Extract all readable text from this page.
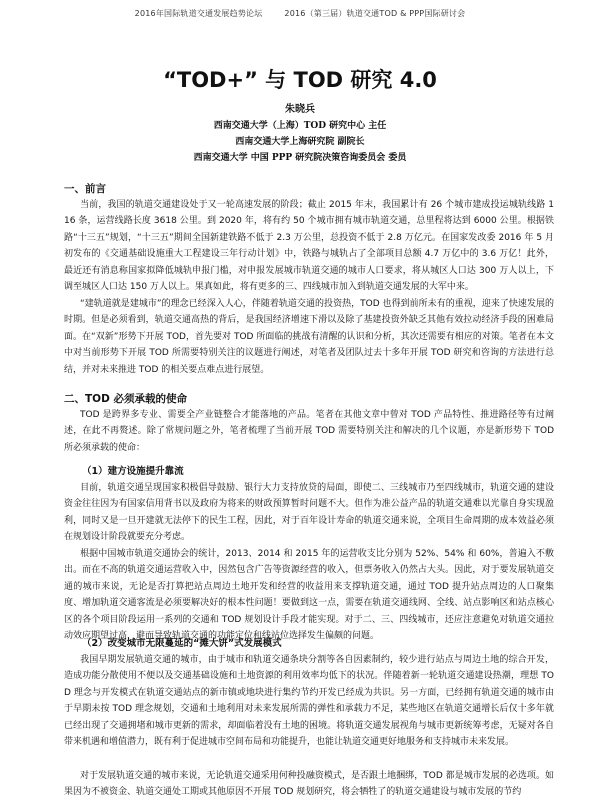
2016年国际轨道交通发展趋势论坛	2016（第三届）轨道交通TOD & PPP国际研讨会
“TOD+” 与 TOD 研究 4.0
朱晓兵
西南交通大学（上海）TOD 研究中心 主任
西南交通大学上海研究院 副院长
西南交通大学 中国 PPP 研究院决策咨询委员会 委员
一、前言
当前，我国的轨道交通建设处于又一轮高速发展的阶段；截止 2015 年末，我国累计有 26 个城市建成投运城轨线路 116 条，运营线路长度 3618 公里。到 2020 年，将有约 50 个城市拥有城市轨道交通，总里程将达到 6000 公里。根据铁路“十三五”规划，“十三五”期间全国新建铁路不低于 2.3 万公里，总投资不低于 2.8 万亿元。在国家发改委 2016 年 5 月初发布的《交通基础设施重大工程建设三年行动计划》中，铁路与城轨占了全部项目总额 4.7 万亿中的 3.6 万亿！此外，最近还有消息称国家拟降低城轨申报门槛，对申报发展城市轨道交通的城市人口要求，将从城区人口达 300 万人以上，下调至城区人口达 150 万人以上。果真如此，将有更多的三、四线城市加入到轨道交通发展的大军中来。
“建轨道就是建城市”的理念已经深入人心，伴随着轨道交通的投资热，TOD 也得到前所未有的重视，迎来了快速发展的时期。但是必须看到，轨道交通高热的背后，是我国经济增速下滑以及除了基建投资外缺乏其他有效拉动经济手段的困难局面。在“双新”形势下开展 TOD，首先要对 TOD 所面临的挑战有清醒的认识和分析，其次还需要有相应的对策。笔者在本文中对当前形势下开展 TOD 所需要特别关注的议题进行阐述，对笔者及团队过去十多年开展 TOD 研究和咨询的方法进行总结，并对未来推进 TOD 的相关要点难点进行展望。
二、TOD 必须承载的使命
TOD 是跨界多专业、需要全产业链整合才能落地的产品。笔者在其他文章中曾对 TOD 产品特性、推进路径等有过阐述，在此不再赘述。除了常规问题之外，笔者梳理了当前开展 TOD 需要特别关注和解决的几个议题，亦是新形势下 TOD 所必须承载的使命：
（1）建方设施提升靠流
目前，轨道交通呈现国家积极倡导鼓励、银行大力支持放贷的局面，即使二、三线城市乃至四线城市，轨道交通的建设资金往往因为有国家信用背书以及政府为将来的财政预算暂时问题不大。但作为准公益产品的轨道交通难以光靠自身实现盈利，同时又是一旦开建就无法停下的民生工程，因此，对于百年设计寿命的轨道交通来说，全项目生命周期的成本效益必须在规划设计阶段就要充分考虑。
根据中国城市轨道交通协会的统计，2013、2014 和 2015 年的运营收支比分别为 52%、54% 和 60%，普遍入不敷出。而在不高的轨道交通运营收入中，因然包含广告等资源经营的收入，但票务收入仍然占大头。因此，对于要发展轨道交通的城市来说，无论是否打算把站点周边土地开发和经营的收益用来支撑轨道交通，通过 TOD 提升站点周边的人口聚集度、增加轨道交通客流是必须要解决好的根本性问题！要做到这一点，需要在轨道交通线网、全线、站点影响区和站点核心区的各个项目阶段运用一系列的交通和 TOD 规划设计手段才能实现。对于二、三、四线城市，还应注意避免对轨道交通拉动效应期望过高，避而导致轨道交通的功能定位和线站位选择发生偏颇的问题。
（2）改变城市无限蔓延的“摊大饼”式发展模式
我国早期发展轨道交通的城市，由于城市和轨道交通条块分割等各自因素制约，较少进行站点与周边土地的综合开发，造成功能分散使用不便以及交通基础设施和土地资源的利用效率均低下的状况。伴随着新一轮轨道交通建设热潮，理想 TOD 理念与开发模式在轨道交通站点的新市镇或地块进行集约节约开发已经成为共识。另一方面，已经拥有轨道交通的城市由于早期未按 TOD 理念规划，交通和土地利用对未来发展所需的弹性和承载力不足，某些地区在轨道交通增长后仅十多年就已经出现了交通拥堵和城市更新的需求，却面临着没有土地的困境。将轨道交通发展视角与城市更新统筹考虑，无疑对各自带来机遇和增值潜力，既有利于促进城市空间布局和功能提升，也能让轨道交通更好地服务和支持城市未来发展。
对于发展轨道交通的城市来说，无论轨道交通采用何种投融资模式，是否跟土地捆绑，TOD 都是城市发展的必选项。如果因为不被资金、轨道交通处工期或其他原因不开展 TOD 规划研究，将会牺牲了的轨道交通建设与城市发展的节约
